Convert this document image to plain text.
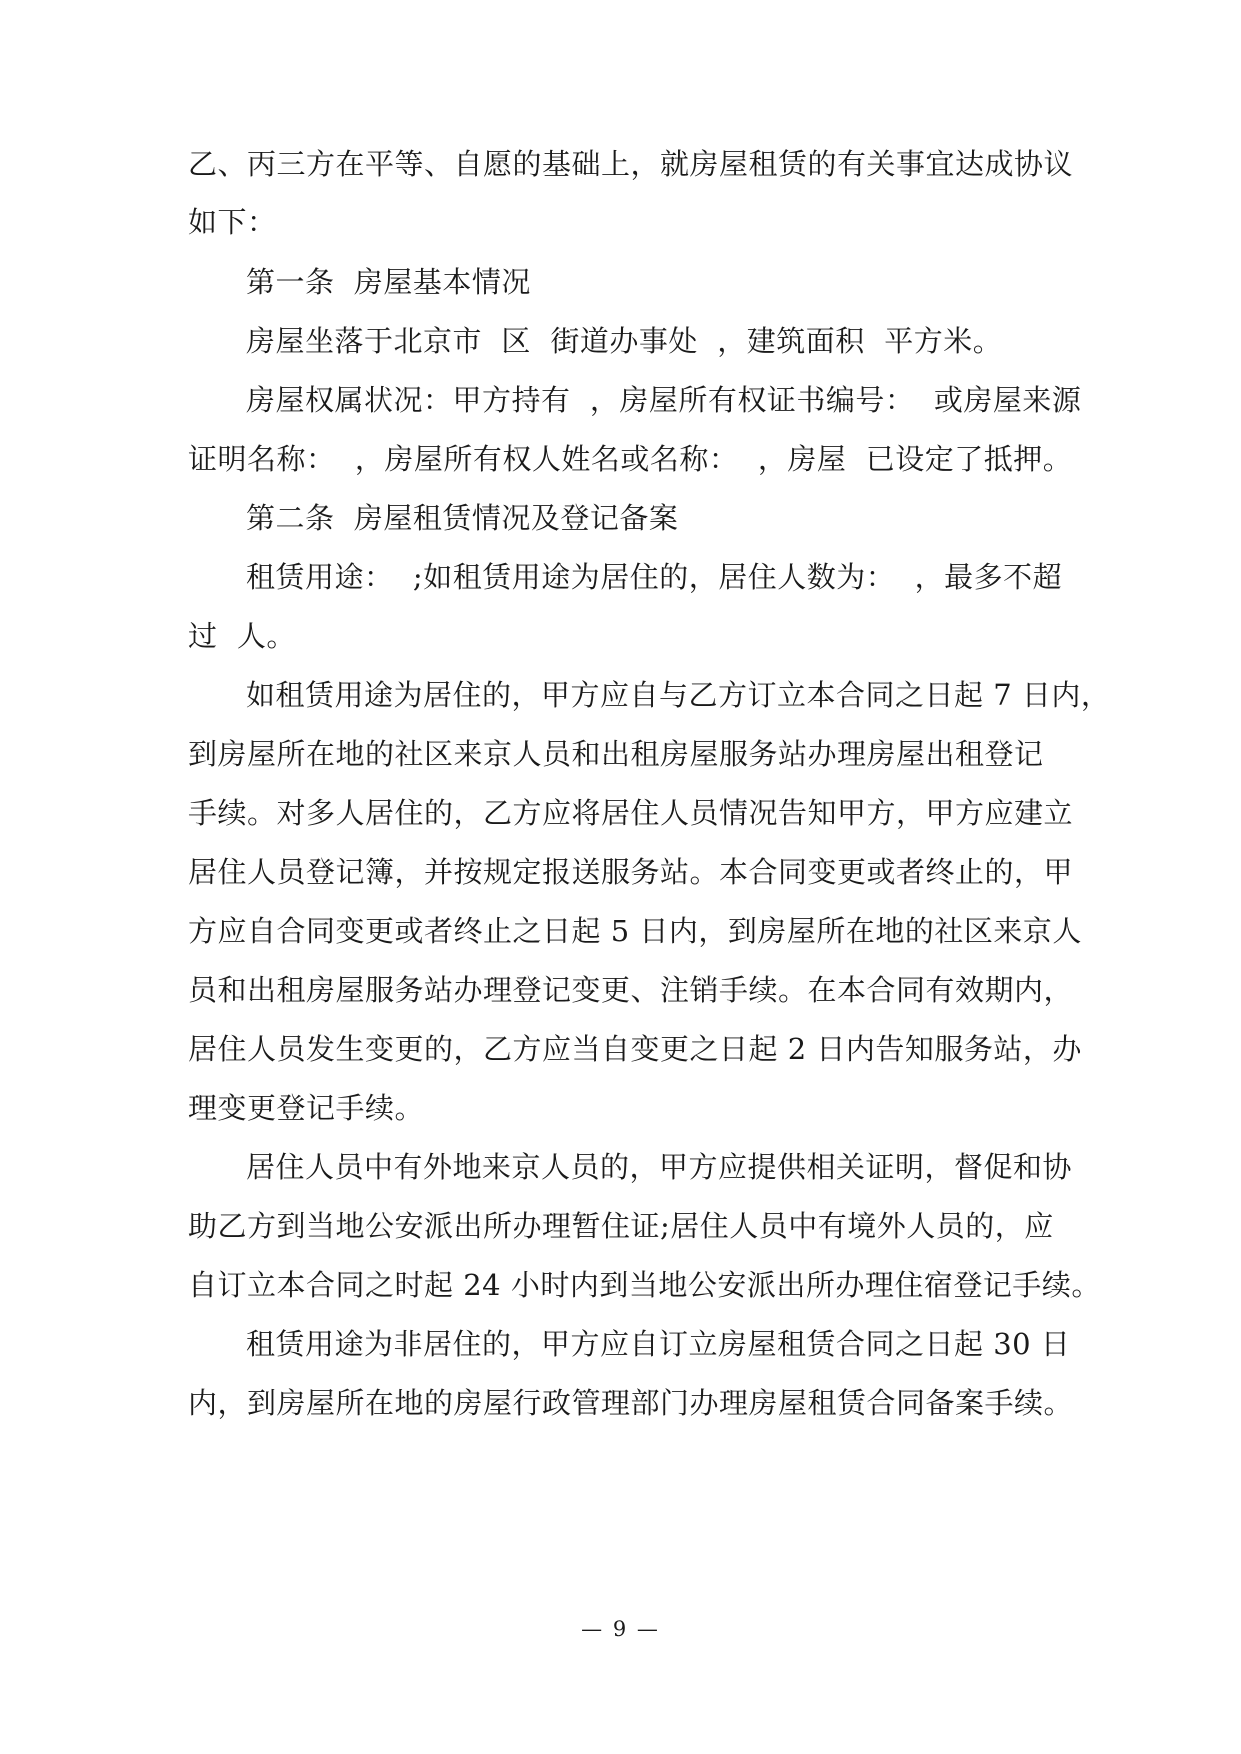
乙、丙三方在平等、自愿的基础上，就房屋租赁的有关事宜达成协议
如下：
第一条  房屋基本情况
房屋坐落于北京市  区  街道办事处  ，建筑面积  平方米。
房屋权属状况：甲方持有  ，房屋所有权证书编号：  或房屋来源
证明名称：  ，房屋所有权人姓名或名称：  ，房屋  已设定了抵押。
第二条  房屋租赁情况及登记备案
租赁用途：  ;如租赁用途为居住的，居住人数为：  ，最多不超
过  人。
如租赁用途为居住的，甲方应自与乙方订立本合同之日起 7 日内，
到房屋所在地的社区来京人员和出租房屋服务站办理房屋出租登记
手续。对多人居住的，乙方应将居住人员情况告知甲方，甲方应建立
居住人员登记簿，并按规定报送服务站。本合同变更或者终止的，甲
方应自合同变更或者终止之日起 5 日内，到房屋所在地的社区来京人
员和出租房屋服务站办理登记变更、注销手续。在本合同有效期内，
居住人员发生变更的，乙方应当自变更之日起 2 日内告知服务站，办
理变更登记手续。
居住人员中有外地来京人员的，甲方应提供相关证明，督促和协
助乙方到当地公安派出所办理暂住证;居住人员中有境外人员的，应
自订立本合同之时起 24 小时内到当地公安派出所办理住宿登记手续。
租赁用途为非居住的，甲方应自订立房屋租赁合同之日起 30 日
内，到房屋所在地的房屋行政管理部门办理房屋租赁合同备案手续。
— 9 —
